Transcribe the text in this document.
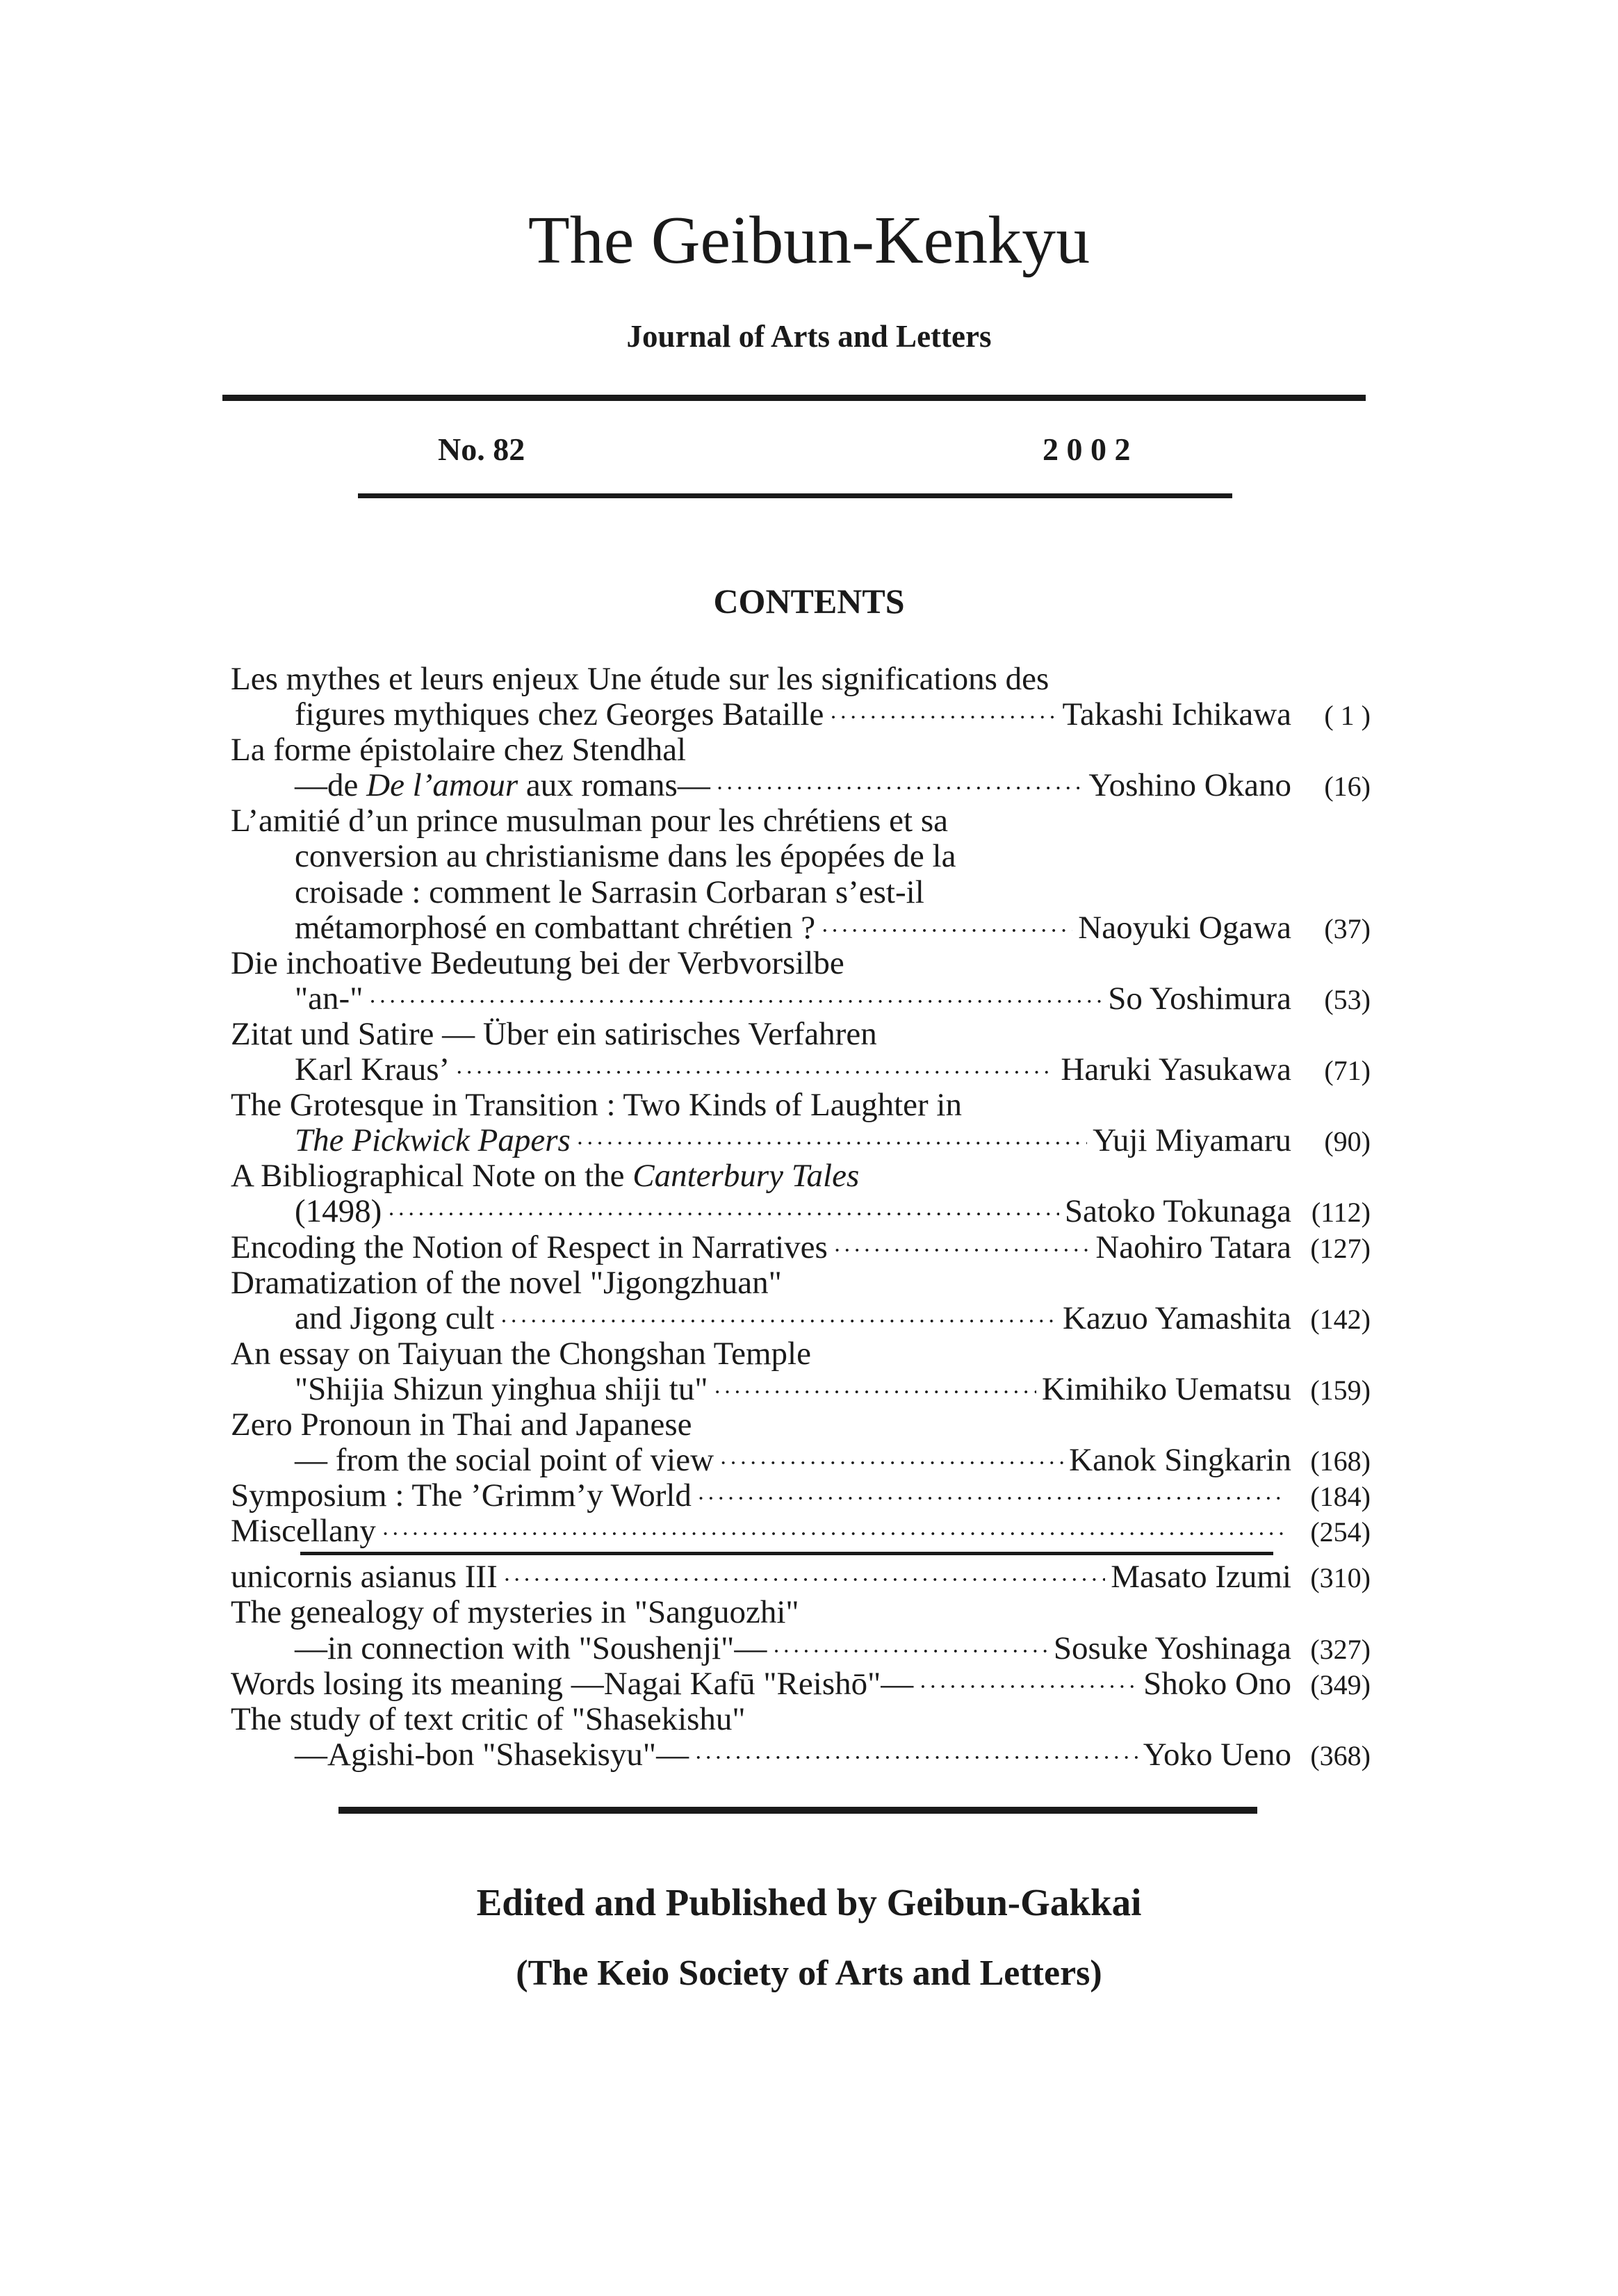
The Geibun-Kenkyu
Journal of Arts and Letters
No. 82	2 0 0 2
CONTENTS
Les mythes et leurs enjeux Une étude sur les significations des
figures mythiques chez Georges Bataille ·····	Takashi Ichikawa	( 1 )
La forme épistolaire chez Stendhal
—de De l’amour aux romans— ·····	Yoshino Okano	(16)
L’amitié d’un prince musulman pour les chrétiens et sa
conversion au christianisme dans les épopées de la
croisade : comment le Sarrasin Corbaran s’est-il
métamorphosé en combattant chrétien ? ·····	Naoyuki Ogawa	(37)
Die inchoative Bedeutung bei der Verbvorsilbe
"an-" ·····	So Yoshimura	(53)
Zitat und Satire — Über ein satirisches Verfahren
Karl Kraus’ ·····	Haruki Yasukawa	(71)
The Grotesque in Transition : Two Kinds of Laughter in
The Pickwick Papers ·····	Yuji Miyamaru	(90)
A Bibliographical Note on the Canterbury Tales
(1498) ·····	Satoko Tokunaga (112)
Encoding the Notion of Respect in Narratives ·····	Naohiro Tatara (127)
Dramatization of the novel "Jigongzhuan"
and Jigong cult ·····	Kazuo Yamashita (142)
An essay on Taiyuan the Chongshan Temple
"Shijia Shizun yinghua shiji tu" ·····	Kimihiko Uematsu (159)
Zero Pronoun in Thai and Japanese
— from the social point of view ·····	Kanok Singkarin (168)
Symposium : The ’Grimm’y World ·····	(184)
Miscellany ·····	(254)
unicornis asianus III ·····	Masato Izumi (310)
The genealogy of mysteries in "Sanguozhi"
—in connection with "Soushenji"— ·····	Sosuke Yoshinaga (327)
Words losing its meaning —Nagai Kafū "Reishō"— ·····	Shoko Ono (349)
The study of text critic of "Shasekishu"
—Agishi-bon "Shasekisyu"— ·····	Yoko Ueno (368)
Edited and Published by Geibun-Gakkai
(The Keio Society of Arts and Letters)
